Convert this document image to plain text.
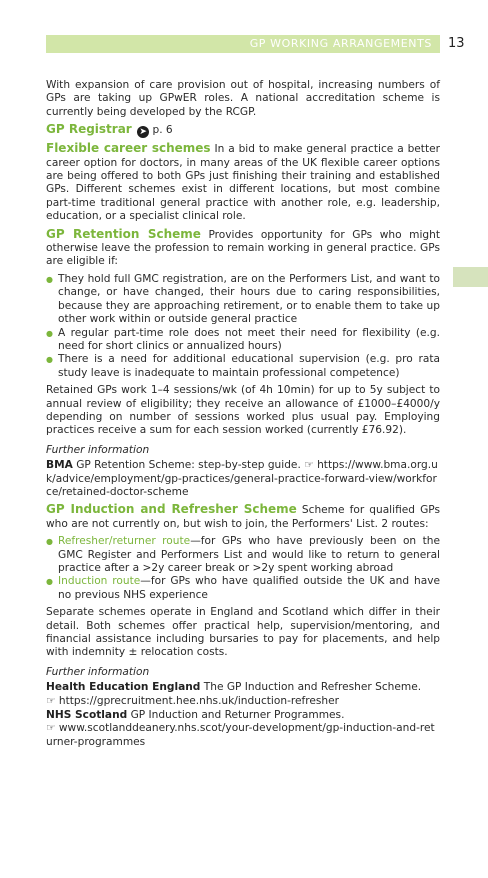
GP WORKING ARRANGEMENTS 13

With expansion of care provision out of hospital, increasing numbers of GPs are taking up GPwER roles. A national accreditation scheme is currently being developed by the RCGP.

GP Registrar ➤ p. 6

Flexible career schemes In a bid to make general practice a better career option for doctors, in many areas of the UK flexible career options are being offered to both GPs just finishing their training and established GPs. Different schemes exist in different locations, but most combine part-time traditional general practice with another role, e.g. leadership, education, or a specialist clinical role.

GP Retention Scheme Provides opportunity for GPs who might otherwise leave the profession to remain working in general practice. GPs are eligible if:

● They hold full GMC registration, are on the Performers List, and want to change, or have changed, their hours due to caring responsibilities, because they are approaching retirement, or to enable them to take up other work within or outside general practice
● A regular part-time role does not meet their need for flexibility (e.g. need for short clinics or annualized hours)
● There is a need for additional educational supervision (e.g. pro rata study leave is inadequate to maintain professional competence)

Retained GPs work 1–4 sessions/wk (of 4h 10min) for up to 5y subject to annual review of eligibility; they receive an allowance of £1000–£4000/y depending on number of sessions worked plus usual pay. Employing practices receive a sum for each session worked (currently £76.92).

Further information

BMA GP Retention Scheme: step-by-step guide. ☞ https://www.bma.org.uk/advice/employment/gp-practices/general-practice-forward-view/workforce/retained-doctor-scheme

GP Induction and Refresher Scheme Scheme for qualified GPs who are not currently on, but wish to join, the Performers' List. 2 routes:

● Refresher/returner route—for GPs who have previously been on the GMC Register and Performers List and would like to return to general practice after a >2y career break or >2y spent working abroad
● Induction route—for GPs who have qualified outside the UK and have no previous NHS experience

Separate schemes operate in England and Scotland which differ in their detail. Both schemes offer practical help, supervision/mentoring, and financial assistance including bursaries to pay for placements, and help with indemnity ± relocation costs.

Further information

Health Education England The GP Induction and Refresher Scheme.
☞ https://gprecruitment.hee.nhs.uk/induction-refresher

NHS Scotland GP Induction and Returner Programmes.
☞ www.scotlanddeanery.nhs.scot/your-development/gp-induction-and-returner-programmes
